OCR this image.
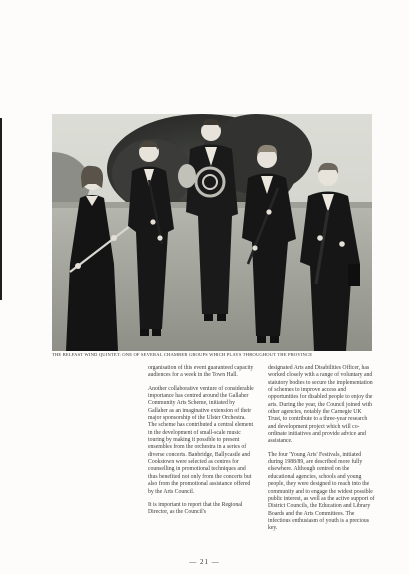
THE BELFAST WIND QUINTET: ONE OF SEVERAL CHAMBER GROUPS WHICH PLAYS THROUGHOUT THE PROVINCE

organisation of this event guaranteed capacity audiences for a week in the Town Hall.

Another collaborative venture of considerable importance has centred around the Gallaher Community Arts Scheme, initiated by Gallaher as an imaginative extension of their major sponsorship of the Ulster Orchestra. The scheme has contributed a central element in the development of small-scale music touring by making it possible to present ensembles from the orchestra in a series of diverse concerts. Banbridge, Ballycastle and Cookstown were selected as centres for counselling in promotional techniques and thus benefited not only from the concerts but also from the promotional assistance offered by the Arts Council.

It is important to report that the Regional Director, as the Council's

designated Arts and Disabilities Officer, has worked closely with a range of voluntary and statutory bodies to secure the implementation of schemes to improve access and opportunities for disabled people to enjoy the arts. During the year, the Council joined with other agencies, notably the Carnegie UK Trust, to contribute to a three-year research and development project which will co-ordinate initiatives and provide advice and assistance.

The four 'Young Arts' Festivals, initiated during 1988/89, are described more fully elsewhere. Although centred on the educational agencies, schools and young people, they were designed to reach into the community and to engage the widest possible public interest, as well as the active support of District Councils, the Education and Library Boards and the Arts Committees. The infectious enthusiasm of youth is a precious key.

— 21 —
